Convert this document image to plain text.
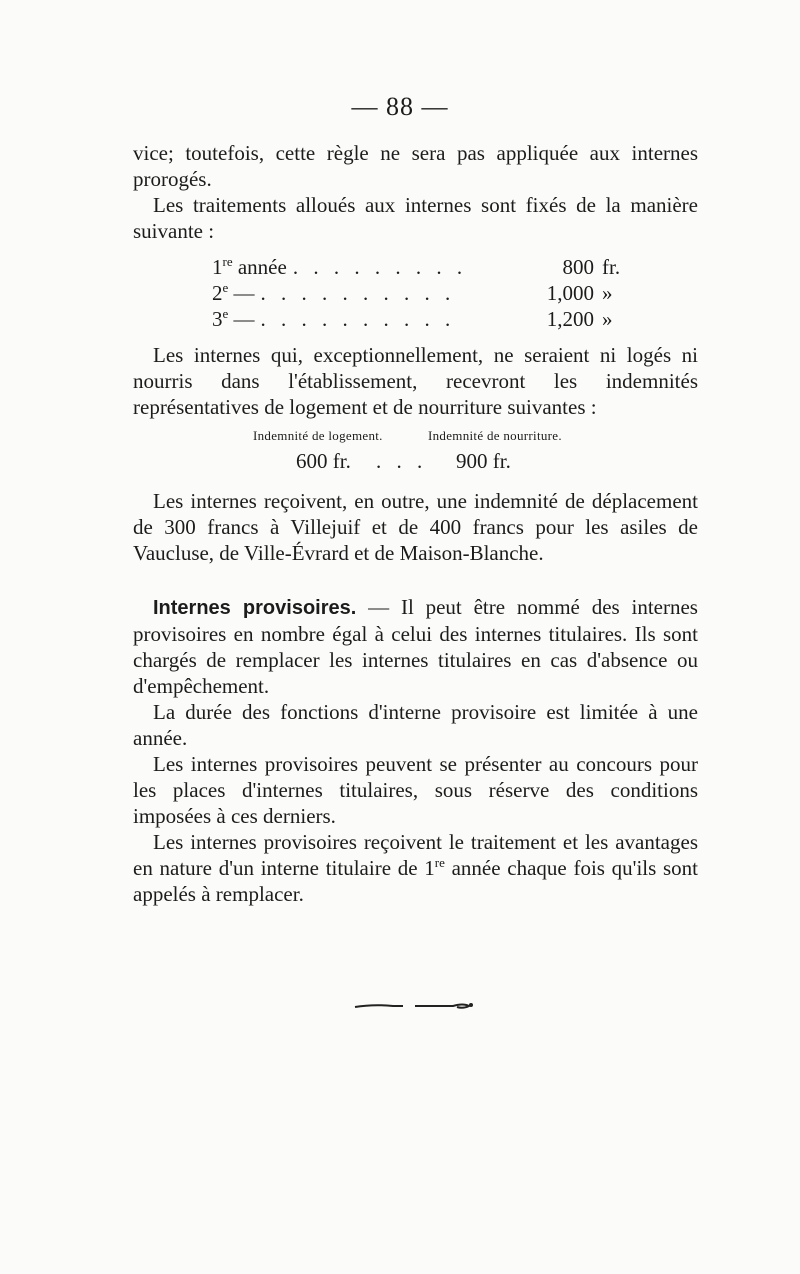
— 88 —

vice; toutefois, cette règle ne sera pas appliquée aux internes prorogés.

Les traitements alloués aux internes sont fixés de la manière suivante :

1re année . . . . . . . . .	800 fr.
2e — . . . . . . . . . .	1,000 »
3e — . . . . . . . . . .	1,200 »

Les internes qui, exceptionnellement, ne seraient ni logés ni nourris dans l'établissement, recevront les indemnités représentatives de logement et de nourriture suivantes :

Indemnité de logement.	Indemnité de nourriture.
600 fr.	. . .	900 fr.

Les internes reçoivent, en outre, une indemnité de déplacement de 300 francs à Villejuif et de 400 francs pour les asiles de Vaucluse, de Ville-Évrard et de Maison-Blanche.

Internes provisoires. — Il peut être nommé des internes provisoires en nombre égal à celui des internes titulaires. Ils sont chargés de remplacer les internes titulaires en cas d'absence ou d'empêchement.

La durée des fonctions d'interne provisoire est limitée à une année.

Les internes provisoires peuvent se présenter au concours pour les places d'internes titulaires, sous réserve des conditions imposées à ces derniers.

Les internes provisoires reçoivent le traitement et les avantages en nature d'un interne titulaire de 1re année chaque fois qu'ils sont appelés à remplacer.
